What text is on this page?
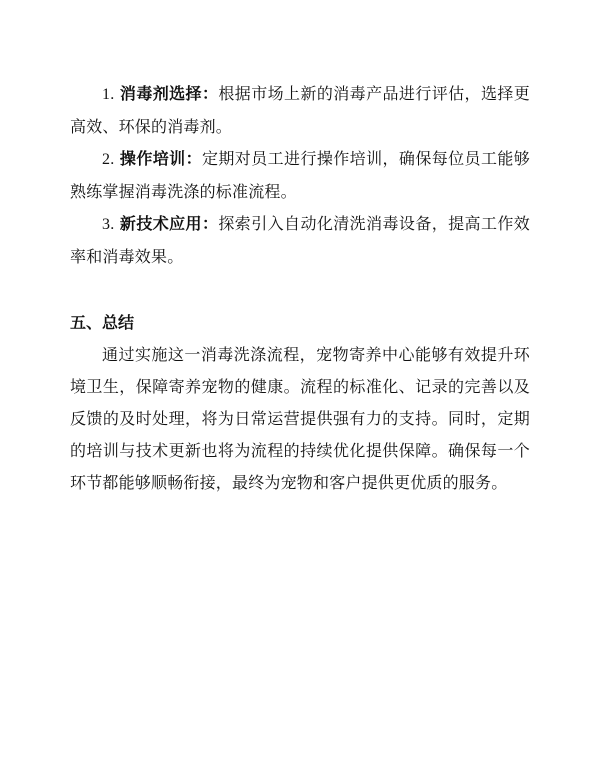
1. 消毒剂选择：根据市场上新的消毒产品进行评估，选择更高效、环保的消毒剂。

2. 操作培训：定期对员工进行操作培训，确保每位员工能够熟练掌握消毒洗涤的标准流程。

3. 新技术应用：探索引入自动化清洗消毒设备，提高工作效率和消毒效果。

五、总结

通过实施这一消毒洗涤流程，宠物寄养中心能够有效提升环境卫生，保障寄养宠物的健康。流程的标准化、记录的完善以及反馈的及时处理，将为日常运营提供强有力的支持。同时，定期的培训与技术更新也将为流程的持续优化提供保障。确保每一个环节都能够顺畅衔接，最终为宠物和客户提供更优质的服务。
